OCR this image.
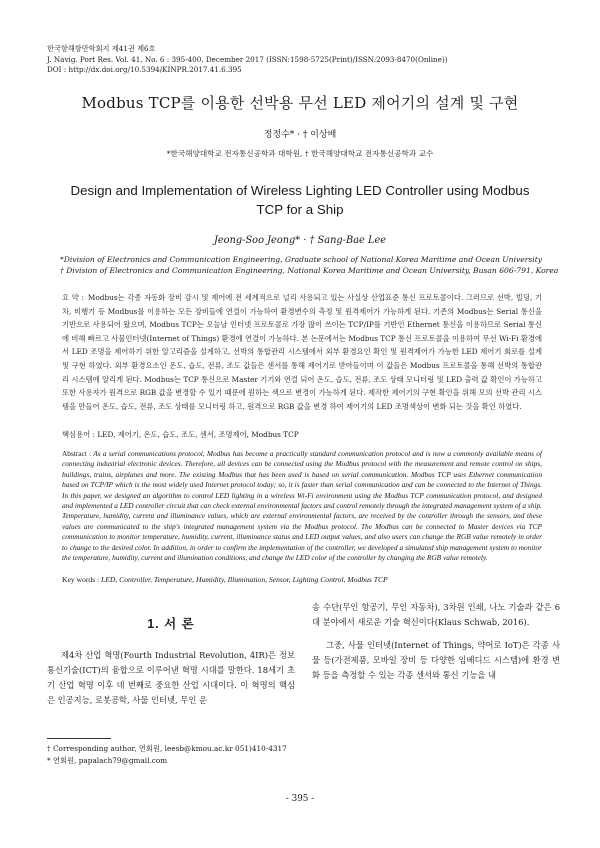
한국항해항만학회지 제41권 제6호
J. Navig. Port Res. Vol. 41, No. 6 : 395-400, December 2017 (ISSN:1598-5725(Print)/ISSN:2093-8470(Online))
DOI : http://dx.doi.org/10.5394/KINPR.2017.41.6.395
Modbus TCP를 이용한 선박용 무선 LED 제어기의 설계 및 구현
정정수* · † 이상배
*한국해양대학교 전자통신공학과 대학원, † 한국해양대학교 전자통신공학과 교수
Design and Implementation of Wireless Lighting LED Controller using Modbus TCP for a Ship
Jeong-Soo Jeong* · † Sang-Bae Lee
*Division of Electronics and Communication Engineering, Graduate school of National Korea Maritime and Ocean University
† Division of Electronics and Communication Engineering, National Korea Maritime and Ocean University, Busan 606-791, Korea
요 약 : Modbus는 각종 자동화 장비 감시 및 제어에 전 세계적으로 널리 사용되고 있는 사실상 산업표준 통신 프로토콜이다. 그러므로 선박, 빌딩, 기차, 비행기 등 Modbus를 이용하는 모든 장비들에 연결이 가능하여 환경변수의 측정 및 원격제어가 가능하게 된다. 기존의 Modbus는 Serial 통신을 기반으로 사용되어 왔으며, Modbus TCP는 오늘날 인터넷 프로토콜로 가장 많이 쓰이는 TCP/IP를 기반인 Ethernet 통신을 이용하므로 Serial 통신에 비해 빠르고 사물인터넷(Internet of Things) 환경에 연결이 가능하다. 본 논문에서는 Modbus TCP 통신 프로토콜을 이용하여 무선 Wi-Fi 환경에서 LED 조명을 제어하기 위한 알고리즘을 설계하고, 선박의 통합관리 시스템에서 외부 환경요인 확인 및 원격제어가 가능한 LED 제어기 회로를 설계 및 구현 하였다. 외부 환경요소인 온도, 습도, 전류, 조도 값들은 센서를 통해 제어기로 받아들이며 이 값들은 Modbus 프로토콜을 통해 선박의 통합관리 시스템에 알리게 된다. Modbus는 TCP 통신으로 Master 기기와 연결 되어 온도, 습도, 전류, 조도 상태 모니터링 및 LED 출력 값 확인이 가능하고 또한 사용자가 원격으로 RGB 값을 변경할 수 있기 때문에 원하는 색으로 변경이 가능하게 된다. 제작한 제어기의 구현 확인을 위해 모의 선박 관리 시스템을 만들어 온도, 습도, 전류, 조도 상태를 모니터링 하고, 원격으로 RGB 값을 변경 하여 제어기의 LED 조명색상이 변화 되는 것을 확인 하였다.
핵심용어 : LED, 제어기, 온도, 습도, 조도, 센서, 조명제어, Modbus TCP
Abstract : As a serial communications protocol, Modbus has become a practically standard communication protocol and is now a commonly available means of connecting industrial electronic devices. Therefore, all devices can be connected using the Modbus protocol with the measurement and remote control on ships, buildings, trains, airplanes and more. The existing Modbus that has been used is based on serial communication. Modbus TCP uses Ethernet communication based on TCP/IP which is the most widely used Internet protocol today; so, it is faster than serial communication and can be connected to the Internet of Things. In this paper, we designed an algorithm to control LED lighting in a wireless Wi-Fi environment using the Modbus TCP communication protocol, and designed and implemented a LED controller circuit that can check external environmental factors and control remotely through the integrated management system of a ship. Temperature, humidity, current and illuminance values, which are external environmental factors, are received by the controller through the sensors, and these values are communicated to the ship's integrated management system via the Modbus protocol. The Modbus can be connected to Master devices via TCP communication to monitor temperature, humidity, current, illuminance status and LED output values, and also users can change the RGB value remotely in order to change to the desired color. In addition, in order to confirm the implementation of the controller, we developed a simulated ship management system to monitor the temperature, humidity, current and illumination conditions, and change the LED color of the controller by changing the RGB value remotely.
Key words : LED, Controller, Temperature, Humidity, Illumination, Sensor, Lighting Control, Modbus TCP
1. 서 론

제4차 산업 혁명(Fourth Industrial Revolution, 4IR)은 정보통신기술(ICT)의 융합으로 이루어낸 혁명 시대를 말한다. 18세기 초기 산업 혁명 이후 네 번째로 중요한 산업 시대이다. 이 혁명의 핵심은 인공지능, 로봇공학, 사물 인터넷, 무인 운

송 수단(무인 항공기, 무인 자동차), 3차원 인쇄, 나노 기술과 같은 6대 분야에서 새로운 기술 혁신이다(Klaus Schwab, 2016).

그중, 사물 인터넷(Internet of Things, 약어로 IoT)은 각종 사물 등(가전제품, 모바일 장비 등 다양한 임베디드 시스템)에 환경 변화 등을 측정할 수 있는 각종 센서와 통신 기능을 내

† Corresponding author, 연회원, leesb@kmou.ac.kr 051)410-4317
* 연회원, papalach79@gmail.com
- 395 -
